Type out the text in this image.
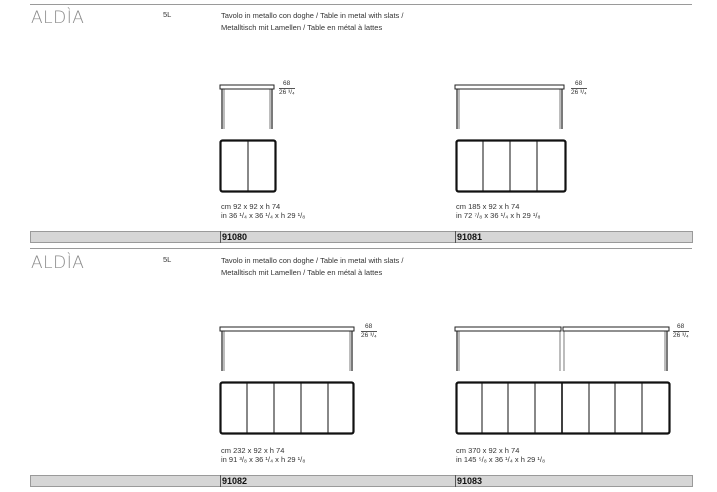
ALDÌA	5L	Tavolo in metallo con doghe / Table in metal with slats /
Metalltisch mit Lamellen / Table en métal à lattes
68
26 ³/₄
cm 92 x 92 x h 74
in 36 ¹/₄ x 36 ¹/₄ x h 29 ¹/₈
68
26 ³/₄
cm 185 x 92 x h 74
in 72 ⁷/₈ x 36 ¹/₄ x h 29 ¹/₈
91080	91081
ALDÌA	5L	Tavolo in metallo con doghe / Table in metal with slats /
Metalltisch mit Lamellen / Table en métal à lattes
68
26 ³/₄
cm 232 x 92 x h 74
in 91 ³/₈ x 36 ¹/₄ x h 29 ¹/₈
68
26 ³/₄
cm 370 x 92 x h 74
in 145 ⁵/₈ x 36 ¹/₄ x h 29 ¹/₈
91082	91083
